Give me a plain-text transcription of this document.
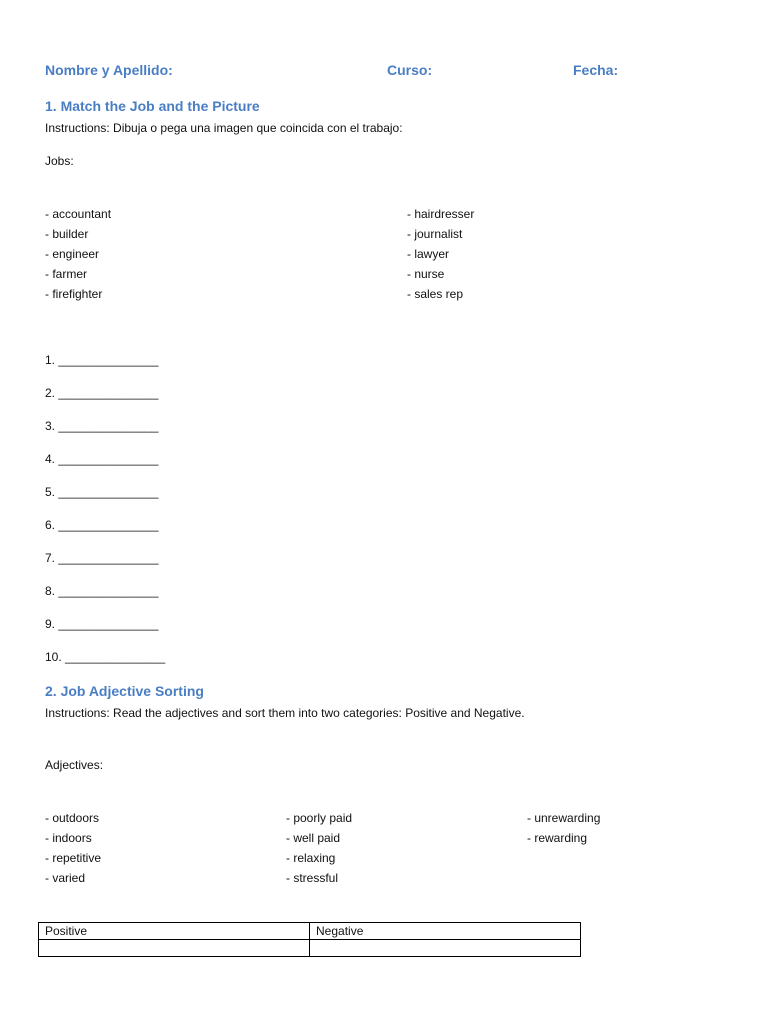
Nombre y Apellido:	Curso:	Fecha:
1. Match the Job and the Picture
Instructions: Dibuja o pega una imagen que coincida con el trabajo:
Jobs:
- accountant
- builder
- engineer
- farmer
- firefighter
- hairdresser
- journalist
- lawyer
- nurse
- sales rep
1. _______________
2. _______________
3. _______________
4. _______________
5. _______________
6. _______________
7. _______________
8. _______________
9. _______________
10. _______________
2. Job Adjective Sorting
Instructions: Read the adjectives and sort them into two categories: Positive and Negative.
Adjectives:
- outdoors
- indoors
- repetitive
- varied
- poorly paid
- well paid
- relaxing
- stressful
- unrewarding
- rewarding
Positive	Negative
